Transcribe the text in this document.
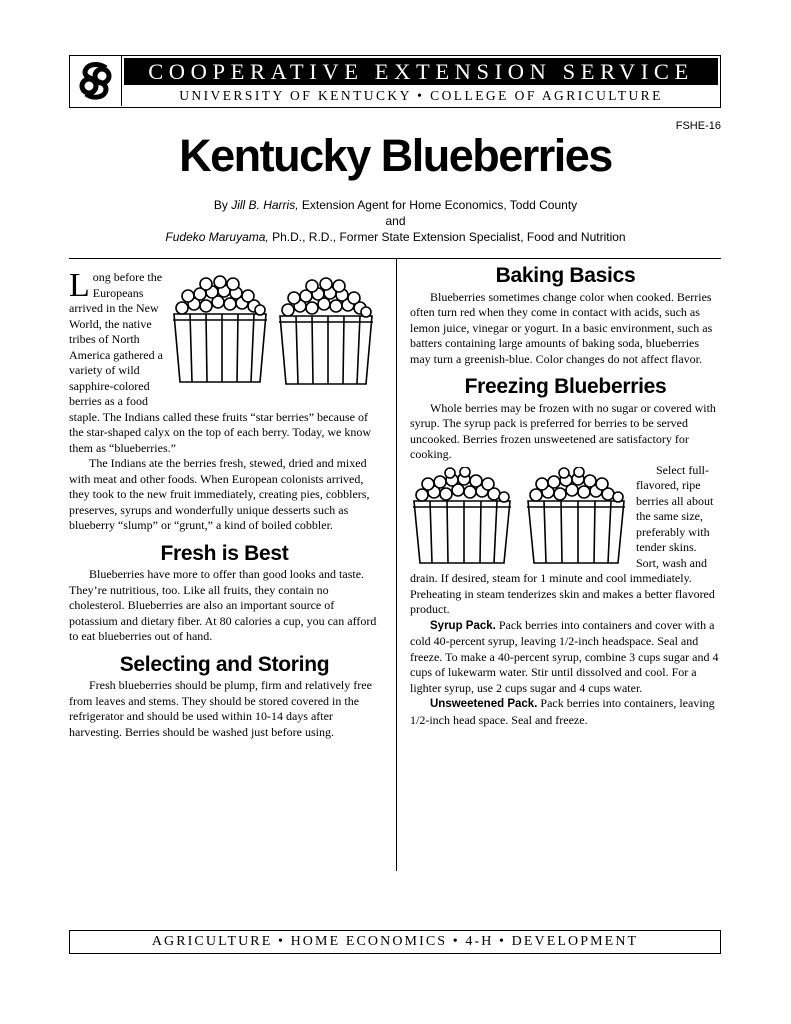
COOPERATIVE EXTENSION SERVICE
UNIVERSITY OF KENTUCKY • COLLEGE OF AGRICULTURE
FSHE-16
Kentucky Blueberries
By Jill B. Harris, Extension Agent for Home Economics, Todd County
and
Fudeko Maruyama, Ph.D., R.D., Former State Extension Specialist, Food and Nutrition

Long before the Europeans arrived in the New World, the native tribes of North America gathered a variety of wild sapphire-colored berries as a food staple. The Indians called these fruits “star berries” because of the star-shaped calyx on the top of each berry. Today, we know them as “blueberries.”

The Indians ate the berries fresh, stewed, dried and mixed with meat and other foods. When European colonists arrived, they took to the new fruit immediately, creating pies, cobblers, preserves, syrups and wonderfully unique desserts such as blueberry “slump” or “grunt,” a kind of boiled cobbler.

Fresh is Best

Blueberries have more to offer than good looks and taste. They’re nutritious, too. Like all fruits, they contain no cholesterol. Blueberries are also an important source of potassium and dietary fiber. At 80 calories a cup, you can afford to eat blueberries out of hand.

Selecting and Storing

Fresh blueberries should be plump, firm and relatively free from leaves and stems. They should be stored covered in the refrigerator and should be used within 10-14 days after harvesting. Berries should be washed just before using.

Baking Basics

Blueberries sometimes change color when cooked. Berries often turn red when they come in contact with acids, such as lemon juice, vinegar or yogurt. In a basic environment, such as batters containing large amounts of baking soda, blueberries may turn a greenish-blue. Color changes do not affect flavor.

Freezing Blueberries

Whole berries may be frozen with no sugar or covered with syrup. The syrup pack is preferred for berries to be served uncooked. Berries frozen unsweetened are satisfactory for cooking.

Select full-flavored, ripe berries all about the same size, preferably with tender skins. Sort, wash and drain. If desired, steam for 1 minute and cool immediately. Preheating in steam tenderizes skin and makes a better flavored product.

Syrup Pack. Pack berries into containers and cover with a cold 40-percent syrup, leaving 1/2-inch headspace. Seal and freeze. To make a 40-percent syrup, combine 3 cups sugar and 4 cups of lukewarm water. Stir until dissolved and cool. For a lighter syrup, use 2 cups sugar and 4 cups water.

Unsweetened Pack. Pack berries into containers, leaving 1/2-inch head space. Seal and freeze.

AGRICULTURE • HOME ECONOMICS • 4-H • DEVELOPMENT
